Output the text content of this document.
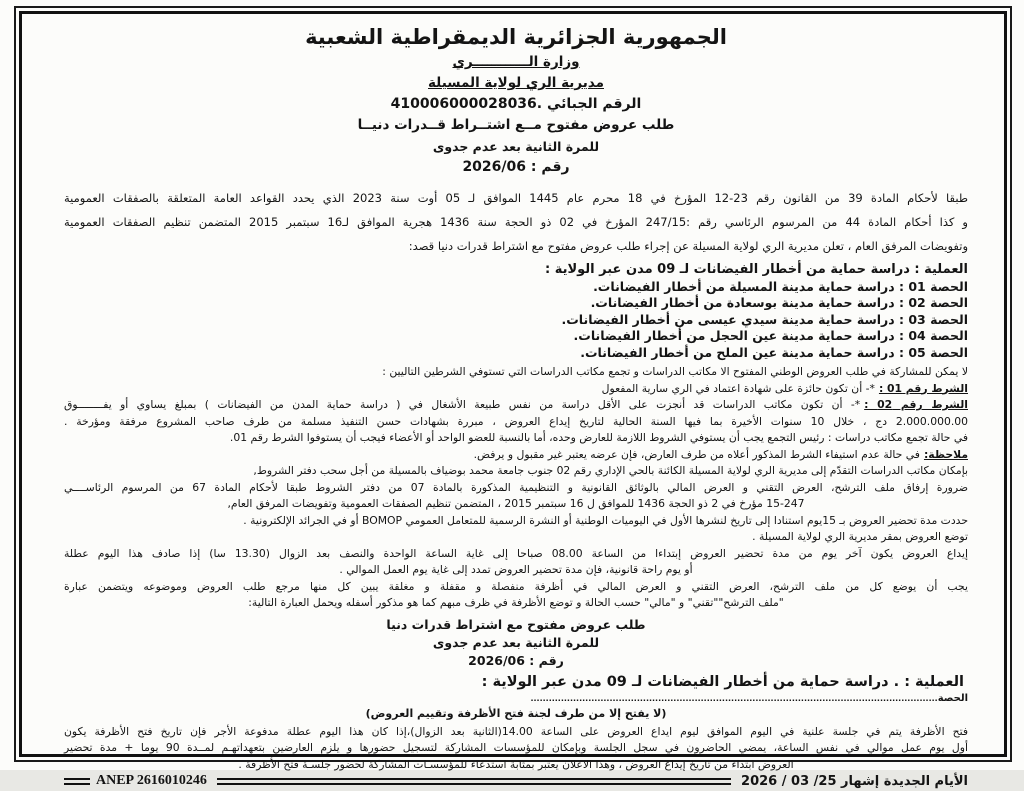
الجمهورية الجزائرية الديمقراطية الشعبية
وزارة الــــــــــــري
مديرية الري لولاية المسيلة
الرقم الجبائي .410006000028036
طلب عروض مفتوح مــع اشتــراط قــدرات دنيــا
للمرة الثانية بعد عدم جدوى
رقم : 2026/06
طبقا لأحكام المادة 39 من القانون رقم 23-12 المؤرخ في 18 محرم عام 1445 الموافق لـ 05 أوت سنة 2023 الذي يحدد القواعد العامة المتعلقة بالصفقات العمومية
و كذا أحكام المادة 44 من المرسوم الرئاسي رقم :247/15 المؤرخ في 02 ذو الحجة سنة 1436 هجرية الموافق لـ16 سبتمبر 2015 المتضمن تنظيم الصفقات العمومية
وتفويضات المرفق العام ، تعلن مديرية الري لولاية المسيلة عن إجراء طلب عروض مفتوح مع اشتراط قدرات دنيا قصد:
العملية : دراسة حماية من أخطار الفيضانات لـ 09 مدن عبر الولاية :
الحصة 01 : دراسة حماية مدينة المسيلة من أخطار الفيضانات.
الحصة 02 : دراسة حماية مدينة بوسعادة من أخطار الفيضانات.
الحصة 03 : دراسة حماية مدينة سيدي عيسى من أخطار الفيضانات.
الحصة 04 : دراسة حماية مدينة عين الحجل من أخطار الفيضانات.
الحصة 05 : دراسة حماية مدينة عين الملح من أخطار الفيضانات.
لا يمكن للمشاركة في طلب العروض الوطني المفتوح الا مكاتب الدراسات و تجمع مكاتب الدراسات التي تستوفي الشرطين التاليين :
الشرط رقم 01 :*- أن تكون حائزة على شهادة اعتماد في الري سارية المفعول
الشرط رقم 02 :*- أن تكون مكاتب الدراسات قد أنجزت على الأقل دراسة من نفس طبيعة الأشغال في ( دراسة حماية المدن من الفيضانات ) بمبلغ يساوي أو يفــــــــوق
2.000.000.00 دج ، خلال 10 سنوات الأخيرة بما فيها السنة الحالية لتاريخ إيداع العروض ، مبررة بشهادات حسن التنفيذ مسلمة من طرف صاحب المشروع مرفقة ومؤرخة .
في حالة تجمع مكاتب دراسات : رئيس التجمع يجب أن يستوفي الشروط اللازمة للعارض وحده، أما بالنسبة للعضو الواحد أو الأعضاء فيجب أن يستوفوا الشرط رقم 01.
ملاحظة:في حالة عدم استيفاء الشرط المذكور أعلاه من طرف العارض، فإن عرضه يعتبر غير مقبول و يرفض.
بإمكان مكاتب الدراسات التقدّم إلى مديرية الري لولاية المسيلة الكائنة بالحي الإداري رقم 02 جنوب جامعة محمد بوضياف بالمسيلة من أجل سحب دفتر الشروط,
ضرورة إرفاق ملف الترشح، العرض التقني و العرض المالي بالوثائق القانونية و التنظيمية المذكورة بالمادة 07 من دفتر الشروط طبقا لأحكام المادة 67 من المرسوم الرئاســــي
15-247 مؤرخ في 2 ذو الحجة 1436 للموافق ل 16 سبتمبر 2015 ، المتضمن تنظيم الصفقات العمومية وتفويضات المرفق العام,
حددت مدة تحضير العروض بـ 15يوم استنادا إلى تاريخ لنشرها الأول في اليوميات الوطنية أو النشرة الرسمية للمتعامل العمومي BOMOP أو في الجرائد الإلكترونية .
توضع العروض بمقر مديرية الري لولاية المسيلة .
إيداع العروض يكون آخر يوم من مدة تحضير العروض إبتداءا من الساعة 08.00 صباحا إلى غاية الساعة الواحدة والنصف بعد الزوال (13.30 سا) إذا صادف هذا اليوم عطلة
أو يوم راحة قانونية، فإن مدة تحضير العروض تمدد إلى غاية يوم العمل الموالي .
يجب أن يوضع كل من ملف الترشح، العرض التقني و العرض المالي في أظرفة منفصلة و مقفلة و مغلقة يبين كل منها مرجع طلب العروض وموضوعه ويتضمن عبارة
"ملف الترشح""تقني" و "مالي" حسب الحالة و توضع الأظرفة في ظرف مبهم كما هو مذكور أسفله ويحمل العبارة التالية:
طلب عروض مفتوح مع اشتراط قدرات دنيا
للمرة الثانية بعد عدم جدوى
رقم : 2026/06
العملية : . دراسة حماية من أخطار الفيضانات لـ 09 مدن عبر الولاية :
الحصة......................................................................................................................................
(لا يفتح إلا من طرف لجنة فتح الأظرفة وتقييم العروض)
فتح الأظرفة يتم في جلسة علنية في اليوم الموافق ليوم ايداع العروض على الساعة 14.00(الثانية بعد الزوال)،إذا كان هذا اليوم عطلة مدفوعة الأجر فإن تاريخ فتح الأظرفة يكون
أول يوم عمل موالي في نفس الساعة، يمضي الحاضرون في سجل الجلسة وبإمكان للمؤسسات المشاركة لتسجيل حضورها و يلزم العارضين بتعهداتهـم لمــدة 90 يوما + مدة تحضير
العروض ابتداء من تاريخ إيداع العروض ، وهذا الاعلان يعتبر بمثابة استدعاء للمؤسسـات المشاركة لحضور جلسـة فتح الأظرفة .
ANEP 2616010246	الأيام الجديدة إشهار 25/ 03 / 2026
